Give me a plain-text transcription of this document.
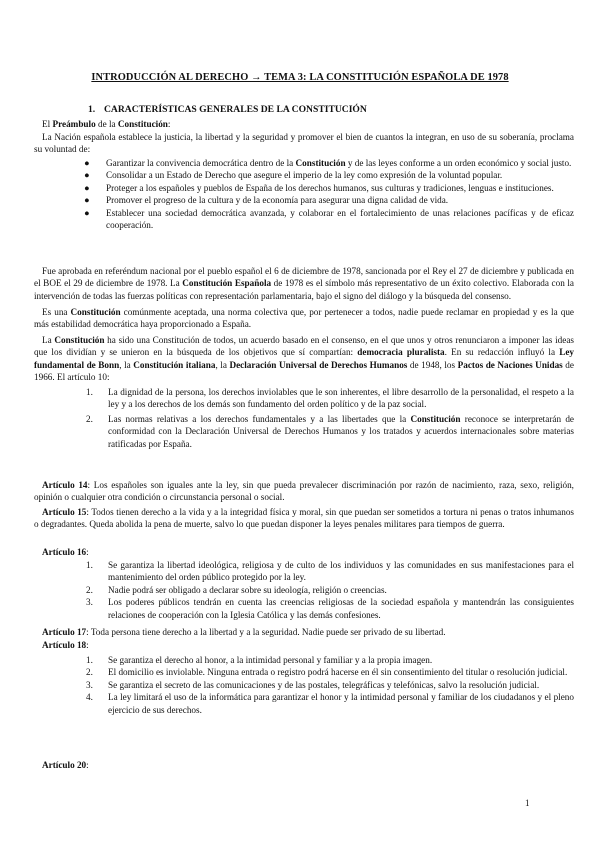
INTRODUCCIÓN AL DERECHO → TEMA 3: LA CONSTITUCIÓN ESPAÑOLA DE 1978
1. CARACTERÍSTICAS GENERALES DE LA CONSTITUCIÓN
El Preámbulo de la Constitución:
La Nación española establece la justicia, la libertad y la seguridad y promover el bien de cuantos la integran, en uso de su soberanía, proclama su voluntad de:
● Garantizar la convivencia democrática dentro de la Constitución y de las leyes conforme a un orden económico y social justo.
● Consolidar a un Estado de Derecho que asegure el imperio de la ley como expresión de la voluntad popular.
● Proteger a los españoles y pueblos de España de los derechos humanos, sus culturas y tradiciones, lenguas e instituciones.
● Promover el progreso de la cultura y de la economía para asegurar una digna calidad de vida.
● Establecer una sociedad democrática avanzada, y colaborar en el fortalecimiento de unas relaciones pacíficas y de eficaz cooperación.
Fue aprobada en referéndum nacional por el pueblo español el 6 de diciembre de 1978, sancionada por el Rey el 27 de diciembre y publicada en el BOE el 29 de diciembre de 1978. La Constitución Española de 1978 es el símbolo más representativo de un éxito colectivo. Elaborada con la intervención de todas las fuerzas políticas con representación parlamentaria, bajo el signo del diálogo y la búsqueda del consenso.
Es una Constitución comúnmente aceptada, una norma colectiva que, por pertenecer a todos, nadie puede reclamar en propiedad y es la que más estabilidad democrática haya proporcionado a España.
La Constitución ha sido una Constitución de todos, un acuerdo basado en el consenso, en el que unos y otros renunciaron a imponer las ideas que los dividían y se unieron en la búsqueda de los objetivos que sí compartían: democracia pluralista. En su redacción influyó la Ley fundamental de Bonn, la Constitución italiana, la Declaración Universal de Derechos Humanos de 1948, los Pactos de Naciones Unidas de 1966. El artículo 10:
1. La dignidad de la persona, los derechos inviolables que le son inherentes, el libre desarrollo de la personalidad, el respeto a la ley y a los derechos de los demás son fundamento del orden político y de la paz social.
2. Las normas relativas a los derechos fundamentales y a las libertades que la Constitución reconoce se interpretarán de conformidad con la Declaración Universal de Derechos Humanos y los tratados y acuerdos internacionales sobre materias ratificadas por España.
Artículo 14: Los españoles son iguales ante la ley, sin que pueda prevalecer discriminación por razón de nacimiento, raza, sexo, religión, opinión o cualquier otra condición o circunstancia personal o social.
Artículo 15: Todos tienen derecho a la vida y a la integridad física y moral, sin que puedan ser sometidos a tortura ni penas o tratos inhumanos o degradantes. Queda abolida la pena de muerte, salvo lo que puedan disponer la leyes penales militares para tiempos de guerra.
Artículo 16:
1. Se garantiza la libertad ideológica, religiosa y de culto de los individuos y las comunidades en sus manifestaciones para el mantenimiento del orden público protegido por la ley.
2. Nadie podrá ser obligado a declarar sobre su ideología, religión o creencias.
3. Los poderes públicos tendrán en cuenta las creencias religiosas de la sociedad española y mantendrán las consiguientes relaciones de cooperación con la Iglesia Católica y las demás confesiones.
Artículo 17: Toda persona tiene derecho a la libertad y a la seguridad. Nadie puede ser privado de su libertad.
Artículo 18:
1. Se garantiza el derecho al honor, a la intimidad personal y familiar y a la propia imagen.
2. El domicilio es inviolable. Ninguna entrada o registro podrá hacerse en él sin consentimiento del titular o resolución judicial.
3. Se garantiza el secreto de las comunicaciones y de las postales, telegráficas y telefónicas, salvo la resolución judicial.
4. La ley limitará el uso de la informática para garantizar el honor y la intimidad personal y familiar de los ciudadanos y el pleno ejercicio de sus derechos.
Artículo 20:
1
